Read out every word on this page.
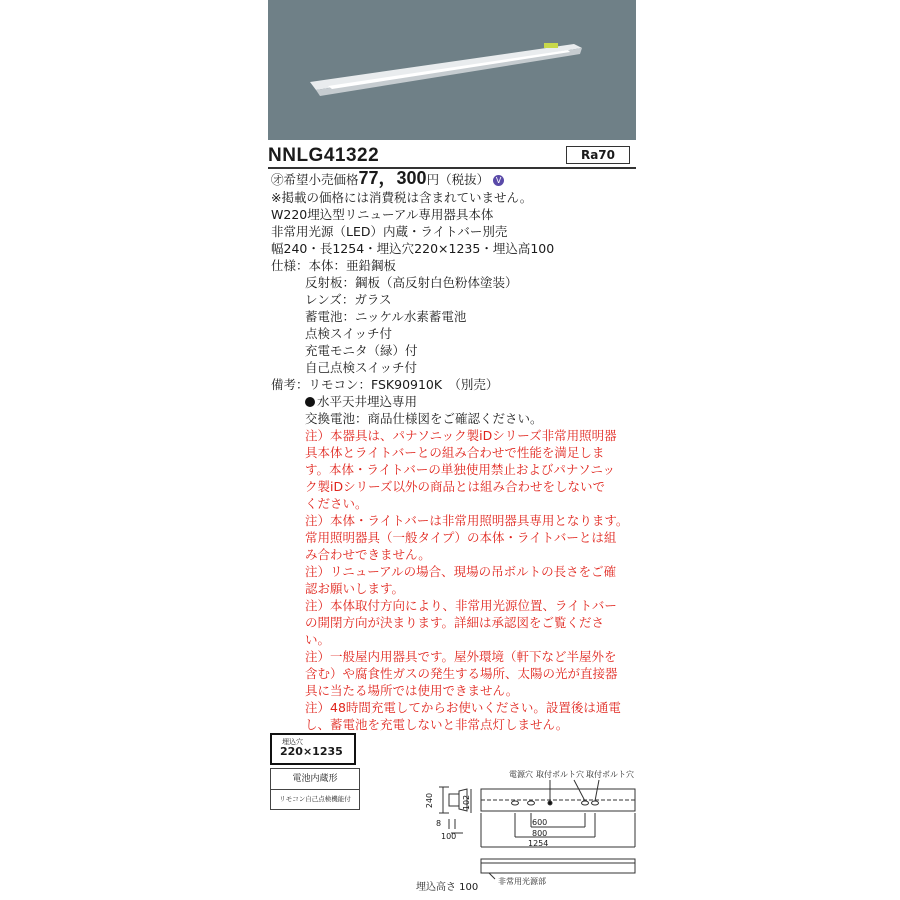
NNLG41322	Ra70
㋔希望小売価格77，300円（税抜） V
※掲載の価格には消費税は含まれていません。
W220埋込型リニューアル専用器具本体
非常用光源（LED）内蔵・ライトバー別売
幅240・長1254・埋込穴220×1235・埋込高100
仕様：本体：亜鉛鋼板
反射板：鋼板（高反射白色粉体塗装）
レンズ：ガラス
蓄電池：ニッケル水素蓄電池
点検スイッチ付
充電モニタ（緑）付
自己点検スイッチ付
備考：リモコン：FSK90910K　（別売）
水平天井埋込専用
交換電池：商品仕様図をご確認ください。
注）本器具は、パナソニック製iDシリーズ非常用照明器
具本体とライトバーとの組み合わせで性能を満足しま
す。本体・ライトバーの単独使用禁止およびパナソニッ
ク製iDシリーズ以外の商品とは組み合わせをしないで
ください。
注）本体・ライトバーは非常用照明器具専用となります。
常用照明器具（一般タイプ）の本体・ライトバーとは組
み合わせできません。
注）リニューアルの場合、現場の吊ボルトの長さをご確
認お願いします。
注）本体取付方向により、非常用光源位置、ライトバー
の開閉方向が決まります。詳細は承認図をご覧くださ
い。
注）一般屋内用器具です。屋外環境（軒下など半屋外を
含む）や腐食性ガスの発生する場所、太陽の光が直接器
具に当たる場所では使用できません。
注）48時間充電してからお使いください。設置後は通電
し、蓄電池を充電しないと非常点灯しません。
埋込穴
220×1235
電池内蔵形
リモコン自己点検機能付
電源穴 取付ボルト穴 取付ボルト穴
240	102
8
100
600
800
1254
埋込高さ 100
非常用光源部
